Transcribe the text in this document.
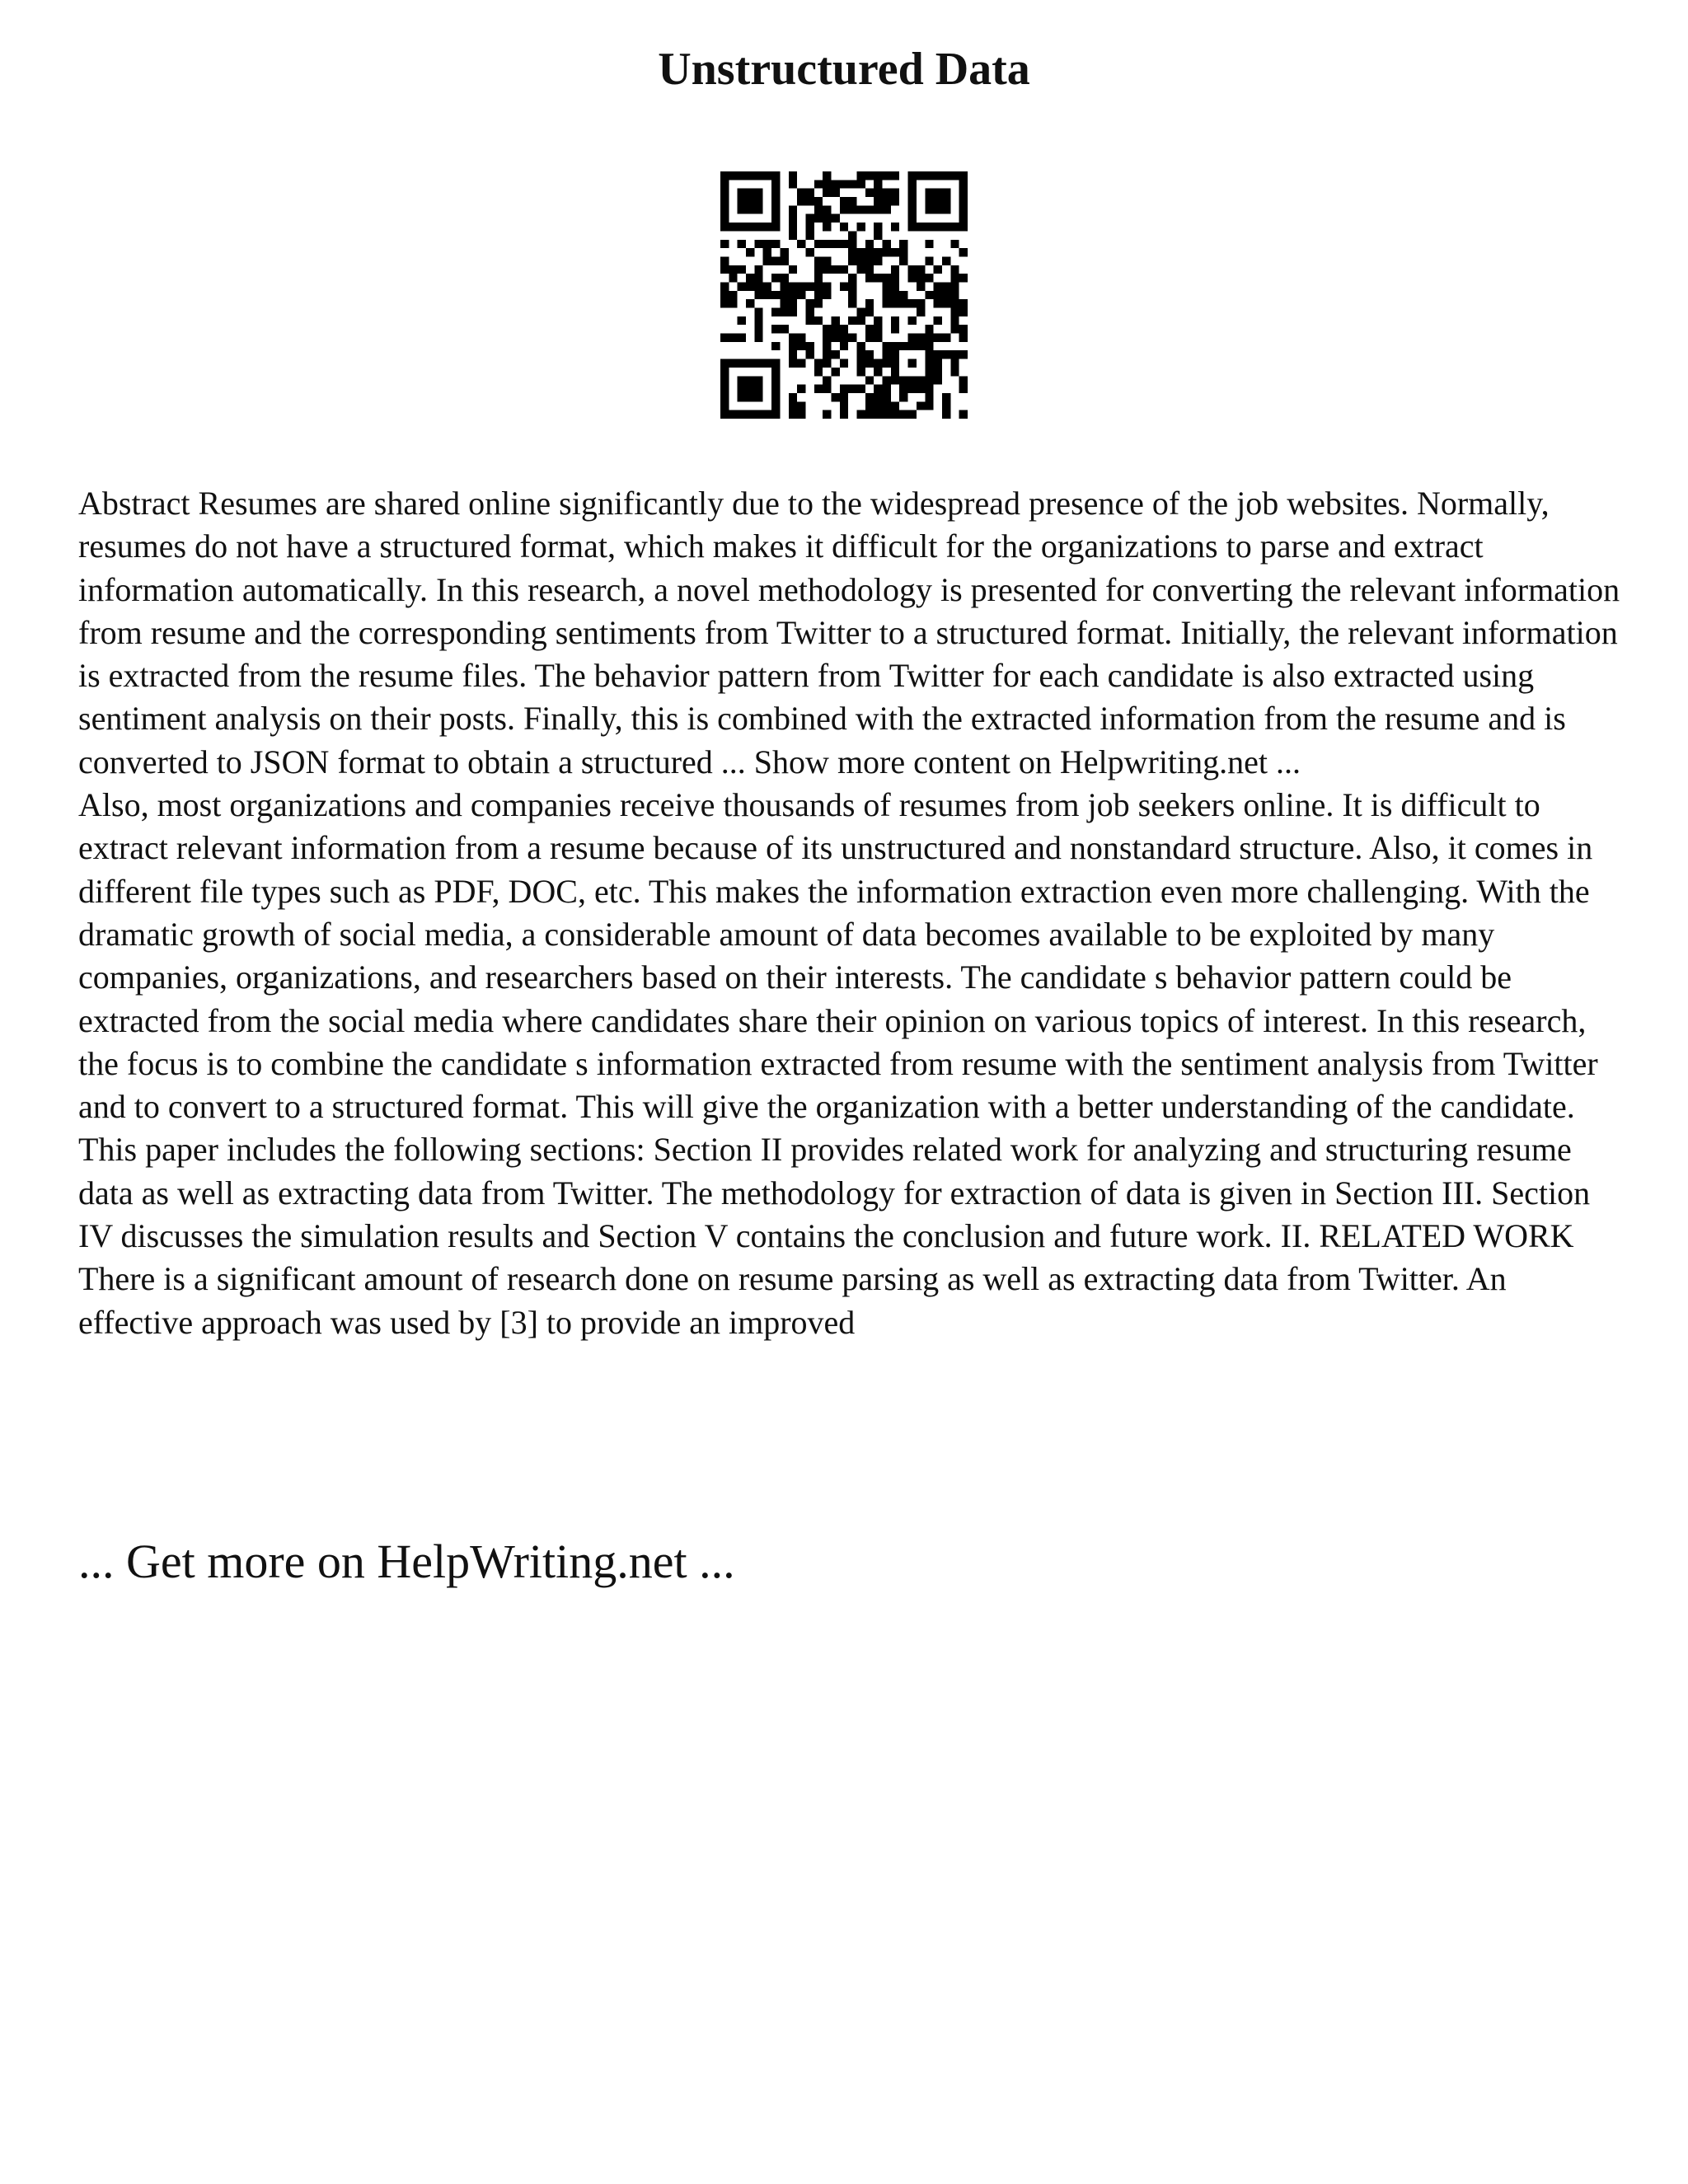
Unstructured Data

Abstract Resumes are shared online significantly due to the widespread presence of the job websites. Normally, resumes do not have a structured format, which makes it difficult for the organizations to parse and extract information automatically. In this research, a novel methodology is presented for converting the relevant information from resume and the corresponding sentiments from Twitter to a structured format. Initially, the relevant information is extracted from the resume files. The behavior pattern from Twitter for each candidate is also extracted using sentiment analysis on their posts. Finally, this is combined with the extracted information from the resume and is converted to JSON format to obtain a structured ... Show more content on Helpwriting.net ...

Also, most organizations and companies receive thousands of resumes from job seekers online. It is difficult to extract relevant information from a resume because of its unstructured and nonstandard structure. Also, it comes in different file types such as PDF, DOC, etc. This makes the information extraction even more challenging. With the dramatic growth of social media, a considerable amount of data becomes available to be exploited by many companies, organizations, and researchers based on their interests. The candidate s behavior pattern could be extracted from the social media where candidates share their opinion on various topics of interest. In this research, the focus is to combine the candidate s information extracted from resume with the sentiment analysis from Twitter and to convert to a structured format. This will give the organization with a better understanding of the candidate. This paper includes the following sections: Section II provides related work for analyzing and structuring resume data as well as extracting data from Twitter. The methodology for extraction of data is given in Section III. Section IV discusses the simulation results and Section V contains the conclusion and future work. II. RELATED WORK There is a significant amount of research done on resume parsing as well as extracting data from Twitter. An effective approach was used by [3] to provide an improved

... Get more on HelpWriting.net ...
